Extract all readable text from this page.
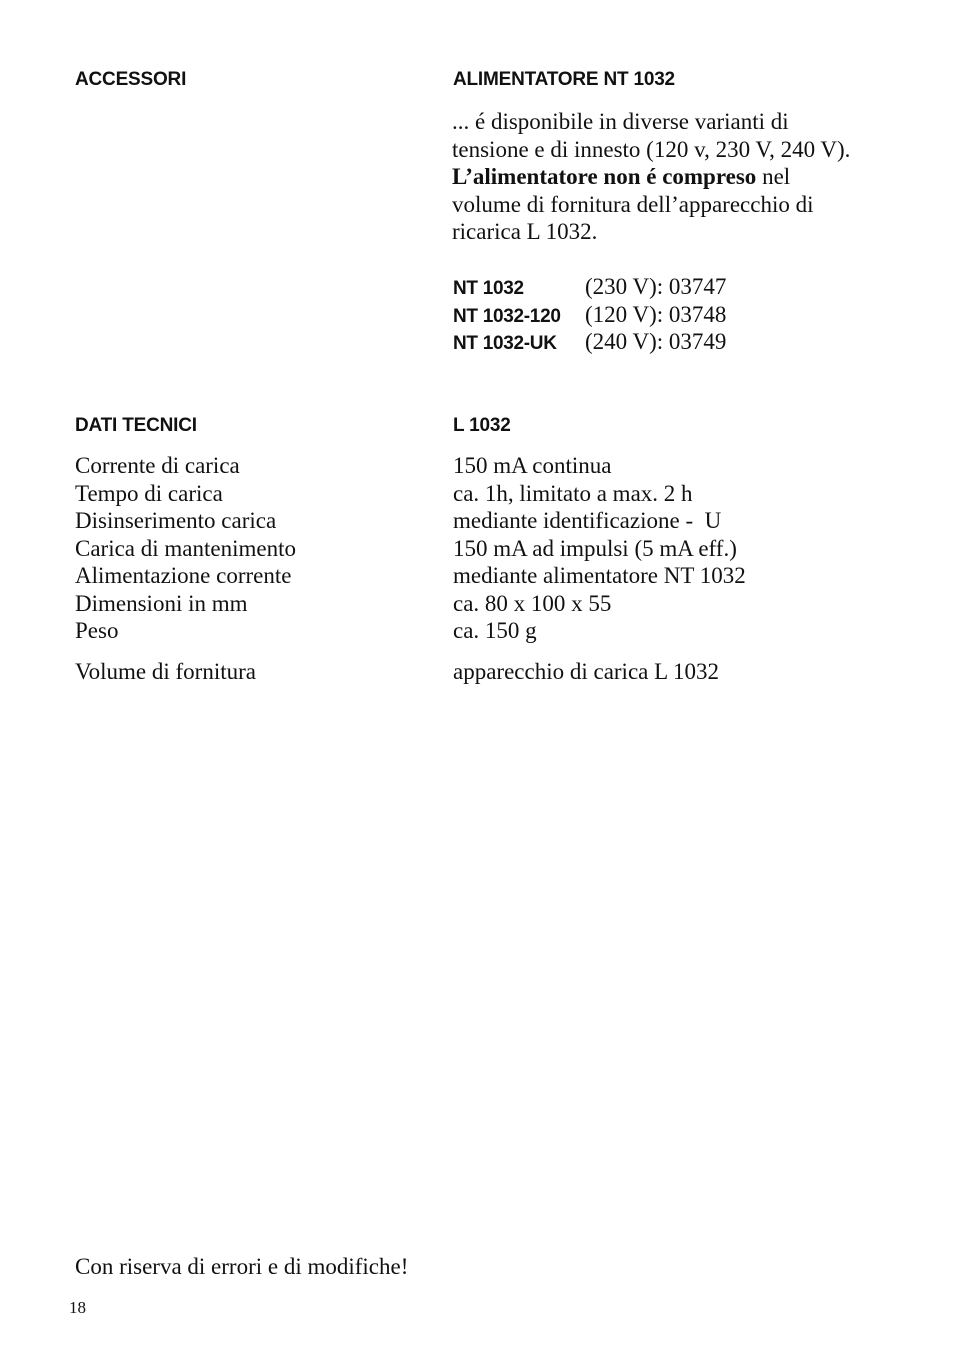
ACCESSORI	ALIMENTATORE NT 1032
... é disponibile in diverse varianti di
tensione e di innesto (120 v, 230 V, 240 V).
L’alimentatore non é compreso nel
volume di fornitura dell’apparecchio di
ricarica L 1032.
NT 1032	(230 V): 03747
NT 1032-120	(120 V): 03748
NT 1032-UK	(240 V): 03749
DATI TECNICI	L 1032
Corrente di carica	150 mA continua
Tempo di carica	ca. 1h, limitato a max. 2 h
Disinserimento carica	mediante identificazione -  U
Carica di mantenimento	150 mA ad impulsi (5 mA eff.)
Alimentazione corrente	mediante alimentatore NT 1032
Dimensioni in mm	ca. 80 x 100 x 55
Peso	ca. 150 g
Volume di fornitura	apparecchio di carica L 1032
Con riserva di errori e di modifiche!
18
